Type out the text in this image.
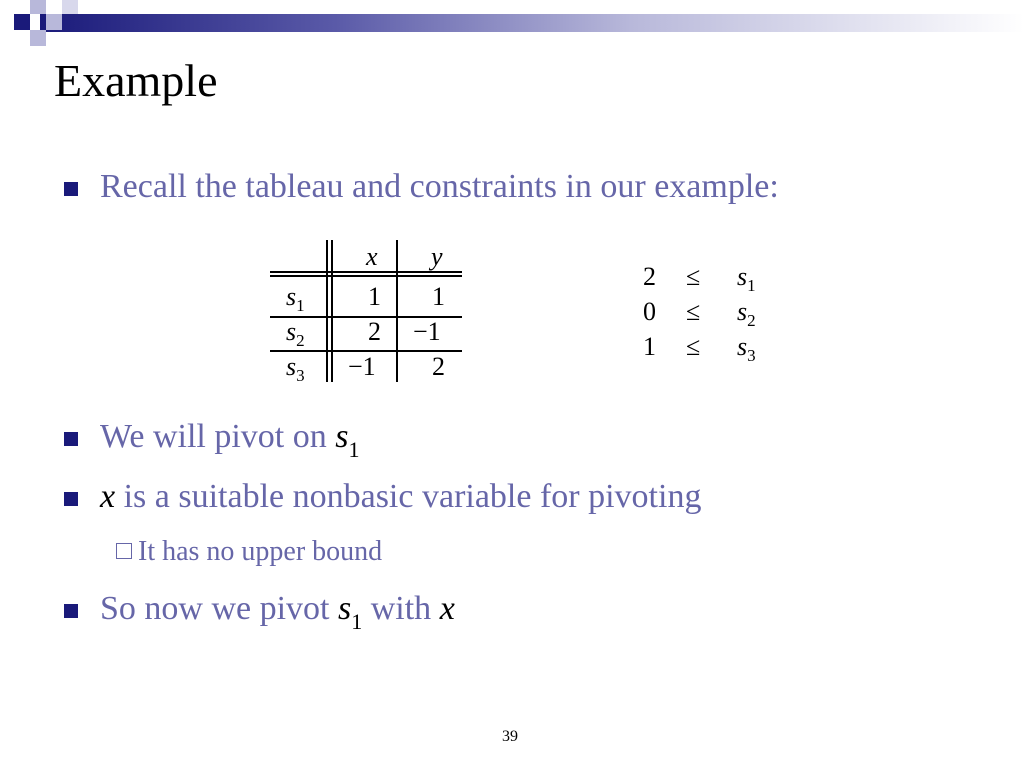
Example
Recall the tableau and constraints in our example:
x y
$s_1$ 1 1
$s_2$ 2 −1
$s_3 -1$ 2
$2 \le s_1$
$0 \le s_2$
$1 \le s_3$
We will pivot on $s_1$
x is a suitable nonbasic variable for pivoting
It has no upper bound
So now we pivot $s_1$ with x
39
